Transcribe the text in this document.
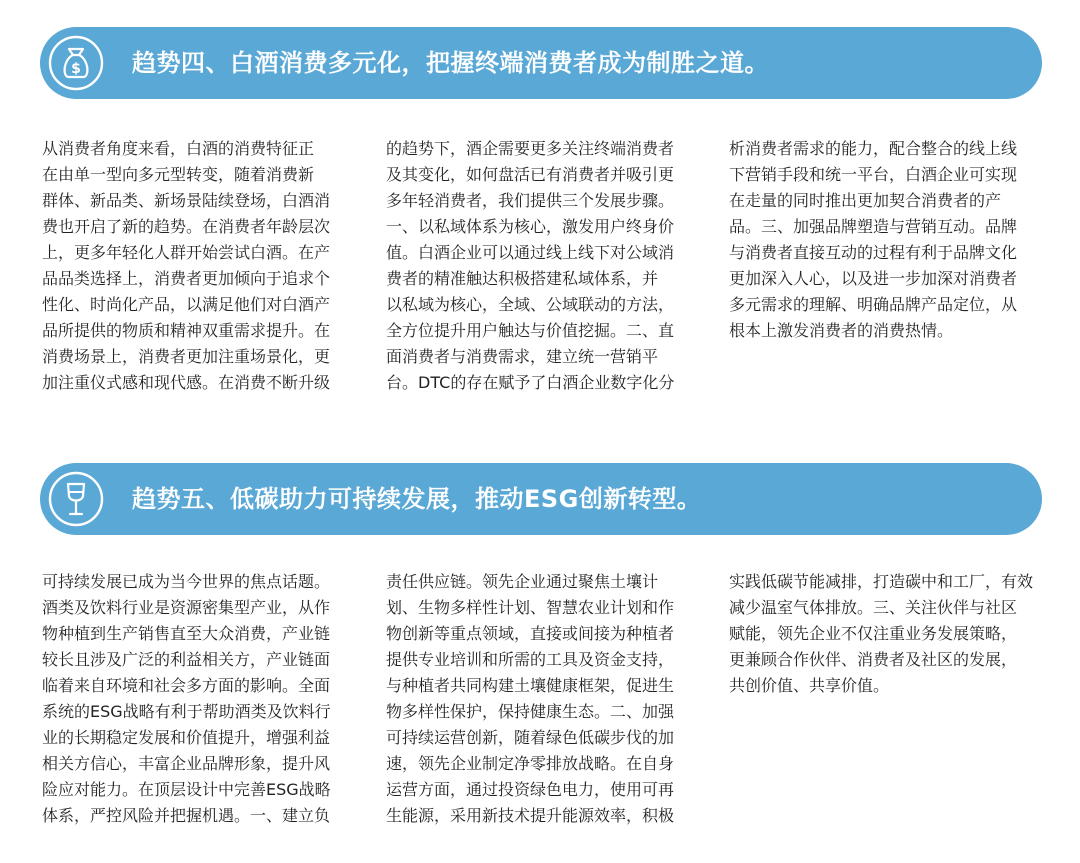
$ 趋势四、白酒消费多元化，把握终端消费者成为制胜之道。

从消费者角度来看，白酒的消费特征正

在由单一型向多元型转变，随着消费新

群体、新品类、新场景陆续登场，白酒消

费也开启了新的趋势。在消费者年龄层次

上，更多年轻化人群开始尝试白酒。在产

品品类选择上，消费者更加倾向于追求个

性化、时尚化产品，以满足他们对白酒产

品所提供的物质和精神双重需求提升。在

消费场景上，消费者更加注重场景化，更

加注重仪式感和现代感。在消费不断升级

的趋势下，酒企需要更多关注终端消费者

及其变化，如何盘活已有消费者并吸引更

多年轻消费者，我们提供三个发展步骤。

一、以私域体系为核心，激发用户终身价

值。白酒企业可以通过线上线下对公域消

费者的精准触达积极搭建私域体系，并

以私域为核心，全域、公域联动的方法，

全方位提升用户触达与价值挖掘。二、直

面消费者与消费需求，建立统一营销平

台。DTC的存在赋予了白酒企业数字化分

析消费者需求的能力，配合整合的线上线

下营销手段和统一平台，白酒企业可实现

在走量的同时推出更加契合消费者的产

品。三、加强品牌塑造与营销互动。品牌

与消费者直接互动的过程有利于品牌文化

更加深入人心，以及进一步加深对消费者

多元需求的理解、明确品牌产品定位，从

根本上激发消费者的消费热情。

趋势五、低碳助力可持续发展，推动ESG创新转型。

可持续发展已成为当今世界的焦点话题。

酒类及饮料行业是资源密集型产业，从作

物种植到生产销售直至大众消费，产业链

较长且涉及广泛的利益相关方，产业链面

临着来自环境和社会多方面的影响。全面

系统的ESG战略有利于帮助酒类及饮料行

业的长期稳定发展和价值提升，增强利益

相关方信心，丰富企业品牌形象，提升风

险应对能力。在顶层设计中完善ESG战略

体系，严控风险并把握机遇。一、建立负

责任供应链。领先企业通过聚焦土壤计

划、生物多样性计划、智慧农业计划和作

物创新等重点领域，直接或间接为种植者

提供专业培训和所需的工具及资金支持，

与种植者共同构建土壤健康框架，促进生

物多样性保护，保持健康生态。二、加强

可持续运营创新，随着绿色低碳步伐的加

速，领先企业制定净零排放战略。在自身

运营方面，通过投资绿色电力，使用可再

生能源，采用新技术提升能源效率，积极

实践低碳节能减排，打造碳中和工厂，有效

减少温室气体排放。三、关注伙伴与社区

赋能，领先企业不仅注重业务发展策略，

更兼顾合作伙伴、消费者及社区的发展，

共创价值、共享价值。
